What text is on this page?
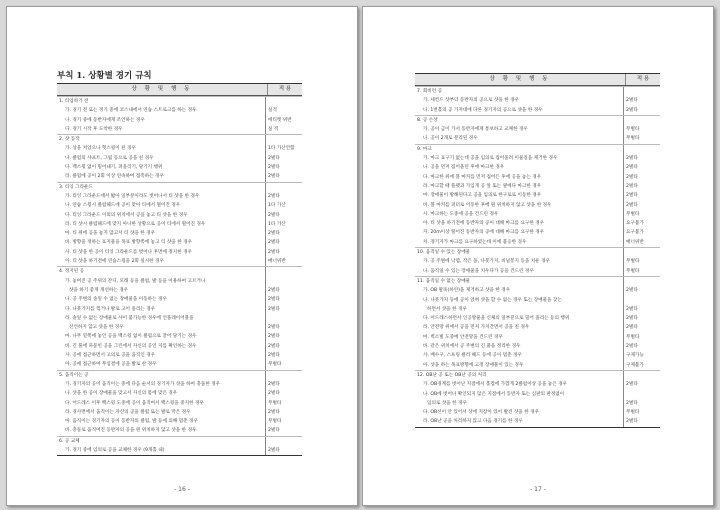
부칙 1. 상황별 경기 규칙
상 황 및 행 동	적 용
1. 티업하기 전
가. 경기 전 또는 경기 중에 코스내에서 연습 스트로크를 하는 경우	실격
나. 경기 중에 동반자에게 조언하는 경우	에티켓 위반
다. 경기 시작 후 도착한 경우	실 격
2. 샷 동작
가. 상을 쳐었으나 헛스윙이 된 경우	1타 가산안함
나. 클럽의 샤프트, 그립 등으로 공을 친 경우	2벌타
다. 백스윙 없이 밀어내기, 퍼올리기, 당기기 행위	2벌타
라. 클럽에 공이 2회 이상 연속하여 접촉하는 경우	2벌타
3. 티잉 그라운드
가. 티잉 그라운드에서 밟아 일부분이라도 벗어나서 티 샷을 한 경우	2벌타
나. 연습 스윙시 클럽헤드에 공이 맞아 티에서 떨어진 경우	1타 가산
다. 티잉 그라운드 이외의 위치에서 공을 놓고 티 샷을 한 경우	2벌타
라. 티 샷시 클럽헤드에 맞지 아니한 상황으로 공이 티에서 떨어진 경우	1타 가산
마. 티 위에 공을 놓지 않고서 티 샷을 한 경우	2벌타
바. 방향을 정하는 표지물을 목표 방향쪽에 놓고 티 샷을 한 경우	2벌타
사. 티 샷을 한 공이 티잉 그라운드를 벗어나 후면에 정지한 경우	2벌타
아. 티 샷을 하기전에 연습스윙을 2회 실시한 경우	매너위반
4. 정지된 공
가. 놓여진 공 주위의 잔디, 모래 등을 클럽, 발 등을 이용하여 고르거나
샷을 하기 좋게 개선하는 경우	2벌타
나. 공 주변의 솔잎 수 없는 장애물을 이동하는 경우	2벌타
다. 나뭇가지를 꺾거나 발로 고어 올리는 경우	2벌타
라. 솔잎 수 없는 장애물로 샤이 불가능한 경우에 언플레이어블을
선언하지 않고 샷을 한 경우	2벌타
마. 나무 밑쪽에 놓인 공을 백스윙 없이 클럽으로 끌어 당기는 경우	2벌타
바. 긴 풀에 파묻힌 공을 그린에서 자신의 공인 지를 확인하는 경우	2벌타
사. 공에 접근하면서 고의로 공을 움직인 경우	2벌타
아. 공에 접근하여 무심결에 공을 발로 찬 경우	무벌타
5. 움직이는 공
가. 경기자의 공이 움직이는 중에 다음 순서의 경기자가 샷을 하여 충돌한 경우	2벌타
나. 샷을 한 공이 장애물을 맞고서 자신의 몸에 맞은 경우	2벌타
다. 어드레스 이후 백스윙 도중에 공이 움직여서 백스윙을 중지한 경우	무벌타
라. 경사면에서 움직이는 자신의 공을 클럽 또는 발로 막은 경우	2벌타
마. 움직이는 경기자의 공이 동반자의 클럽, 발 등에 의해 멈춘 경우	무벌타
바. 충돌로 움직여진 동반자의 공을 원 위치하지 않고 샷을 한 경우	2벌타
6. 공 교체
가. 경기 중에 임의로 공을 교체한 경우 (9개홀 내)	2벌타
- 16 -
상 황 및 행 동	적 용
7. 회비런 공
가. 세컨드 샷부터 동반자의 공으로 샷을 한 경우	2벌타
나. 1번홀의 공 가져대에 다른 경기자의 공으로 샷을 한 경우	2벌타
8. 공 손상
가. 공이 금이 가서 동반자에게 통보하고 교체한 경우	무벌타
나. 공이 2개로 분리된 경우	무벌타
9. 마크
가. 마크 표구기 없는데 공을 임의로 집어올려 이물질을 제거한 경우	2벌타
나. 공을 먼저 집어올린 후에 마크한 경우	2벌타
다. 마크한 위에 볼 마커를 먼저 집어든 후에 공을 놓는 경우	2벌타
라. 마크할 때 플랫과 가입게 공 앞 또는 옆에다 마크한 경우	2벌타
마. 장애물이 방해된다고 공을 임의로 한구로로 이동한 경우	2벌타
바. 볼 마커를 퍼터로 이동한 후에 원 위치하지 않고 샷을 한 경우	2벌타
사. 마크하는 도중에 공을 건드린 경우	무벌타
아. 티 샷을 하기전에 동반자의 공이 대해 마크를 요구한 경우	요구불가
자. 20m이상 떨어진 동반자의 공에 대해 마크를 요구한 경우	요구불가
차. 경기자가 마크를 요구하였는데 이에 불응한 경우	매너위반
10. 움직일 수 있는 장애물
가. 공 주변에 낙엽, 작은 돌, 나뭇가지, 비닐봉지 등을 치운 경우	무벌타
나. 움직일 수 있는 장애물을 치우다가 공을 건드린 경우	무벌타
11. 움직일 수 없는 장애물
가. OB 말뚝(하얀)을 제거하고 샷을 한 경우	2벌타
나. 나뭇가지 등에 공이 얹혀 샷을 할 수 없는 경우 또는 장애물을 찾는
하면서 샷을 한 경우	2벌타
다. 어드레스하면서 인공방물을 신체의 일부분으로 밀어 올리는 등의 행위	2벌타
라. 안전망 위에서 공을 먼저 가져간면서 공을 친 경우	2벌타
마. 벽소빌 도중에 안전망을 건드린 경우	무벌타
바. 같은 위치에서 공 주변의 긴 풀을 정리한 경우	2벌타
사. 배수구, 스프링 클러 헤드 등에 공이 멈춘 경우	구제가능
아. 샷을 하는 목표방향에 고정 장애물이 있는 경우	구제불가
12. OB난 공 또는 OB난 공의 처리
가. OB경계를 벗어난 지점에서 홀컵에 가깝게 2클럽이상 공을 놓은 경우	2벌타
나. OB에 벗어나 확인되지 않은 지점에서 동반자 또는 심판의 판정없이
임의로 샷을 한 경우	2벌타
다. OB선이 안 있어서 상에 지장이 있어 발견 샷을 한 경우	무벌타
라. OB난 공을 처리하지 않고 다음 경기를 한 경우	2벌타
- 17 -
